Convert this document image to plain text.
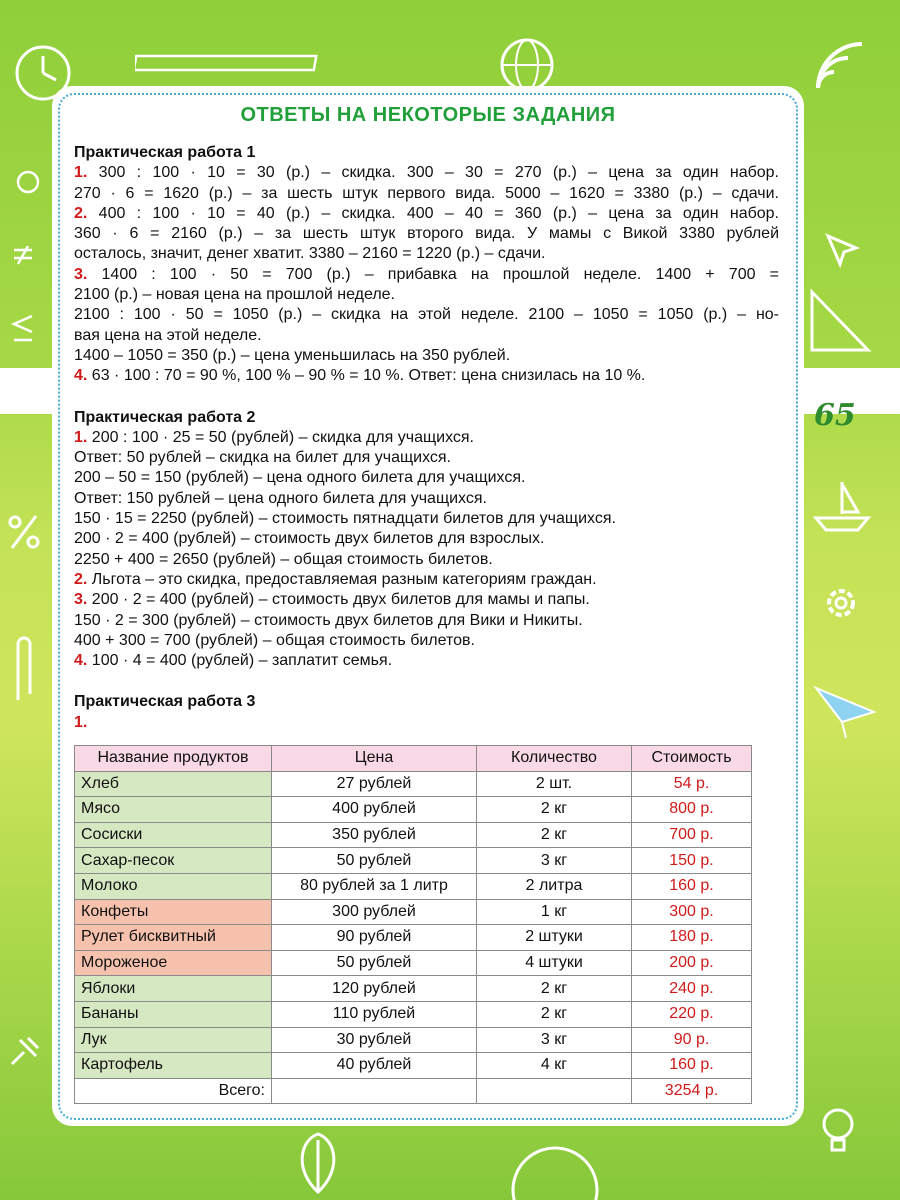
65
ОТВЕТЫ НА НЕКОТОРЫЕ ЗАДАНИЯ
Практическая работа 1
1. 300 : 100 · 10 = 30 (р.) – скидка. 300 – 30 = 270 (р.) – цена за один набор.
270 · 6 = 1620 (р.) – за шесть штук первого вида. 5000 – 1620 = 3380 (р.) – сдачи.
2. 400 : 100 · 10 = 40 (р.) – скидка. 400 – 40 = 360 (р.) – цена за один набор.
360 · 6 = 2160 (р.) – за шесть штук второго вида. У мамы с Викой 3380 рублей
осталось, значит, денег хватит. 3380 – 2160 = 1220 (р.) – сдачи.
3. 1400 : 100 · 50 = 700 (р.) – прибавка на прошлой неделе. 1400 + 700 =
2100 (р.) – новая цена на прошлой неделе.
2100 : 100 · 50 = 1050 (р.) – скидка на этой неделе. 2100 – 1050 = 1050 (р.) – но-
вая цена на этой неделе.
1400 – 1050 = 350 (р.) – цена уменьшилась на 350 рублей.
4. 63 · 100 : 70 = 90 %, 100 % – 90 % = 10 %. Ответ: цена снизилась на 10 %.
Практическая работа 2
1. 200 : 100 · 25 = 50 (рублей) – скидка для учащихся.
Ответ: 50 рублей – скидка на билет для учащихся.
200 – 50 = 150 (рублей) – цена одного билета для учащихся.
Ответ: 150 рублей – цена одного билета для учащихся.
150 · 15 = 2250 (рублей) – стоимость пятнадцати билетов для учащихся.
200 · 2 = 400 (рублей) – стоимость двух билетов для взрослых.
2250 + 400 = 2650 (рублей) – общая стоимость билетов.
2. Льгота – это скидка, предоставляемая разным категориям граждан.
3. 200 · 2 = 400 (рублей) – стоимость двух билетов для мамы и папы.
150 · 2 = 300 (рублей) – стоимость двух билетов для Вики и Никиты.
400 + 300 = 700 (рублей) – общая стоимость билетов.
4. 100 · 4 = 400 (рублей) – заплатит семья.
Практическая работа 3
1.
Название продуктов	Цена	Количество	Стоимость
Хлеб	27 рублей	2 шт.	54 р.
Мясо	400 рублей	2 кг	800 р.
Сосиски	350 рублей	2 кг	700 р.
Сахар-песок	50 рублей	3 кг	150 р.
Молоко	80 рублей за 1 литр	2 литра	160 р.
Конфеты	300 рублей	1 кг	300 р.
Рулет бисквитный	90 рублей	2 штуки	180 р.
Мороженое	50 рублей	4 штуки	200 р.
Яблоки	120 рублей	2 кг	240 р.
Бананы	110 рублей	2 кг	220 р.
Лук	30 рублей	3 кг	90 р.
Картофель	40 рублей	4 кг	160 р.
Всего:			3254 р.
